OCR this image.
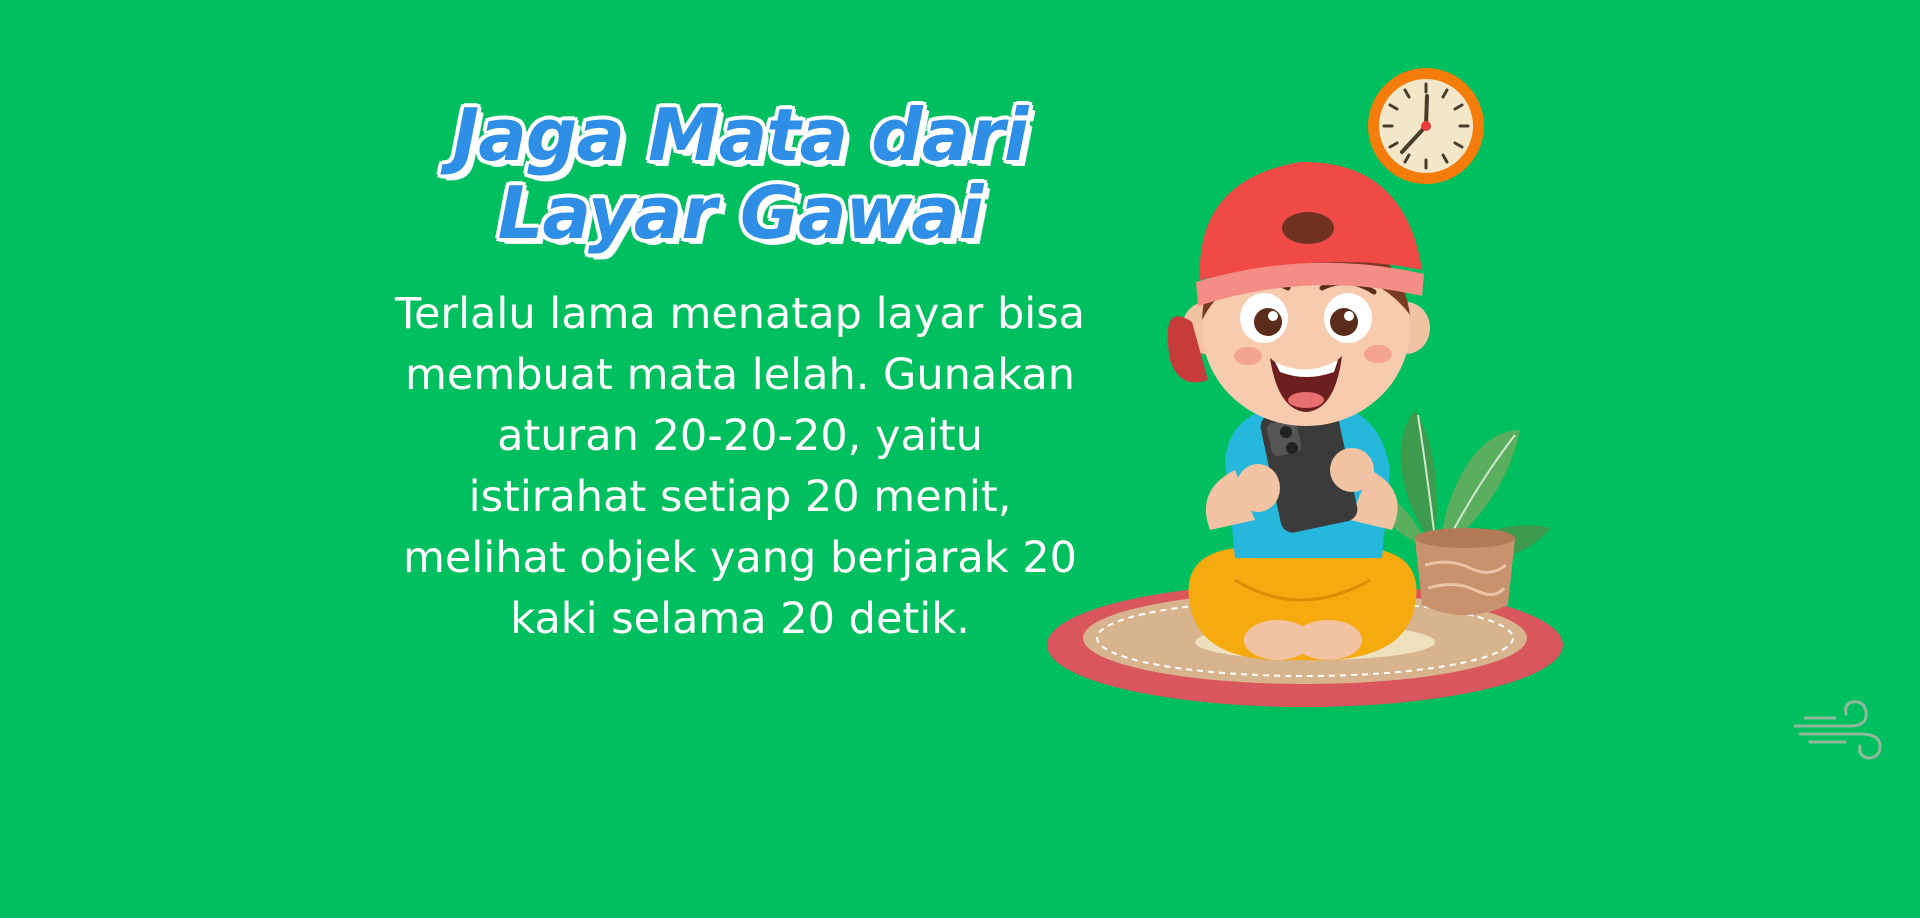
Jaga Mata dari
Layar Gawai

Terlalu lama menatap layar bisa
membuat mata lelah. Gunakan
aturan 20-20-20, yaitu
istirahat setiap 20 menit,
melihat objek yang berjarak 20
kaki selama 20 detik.
